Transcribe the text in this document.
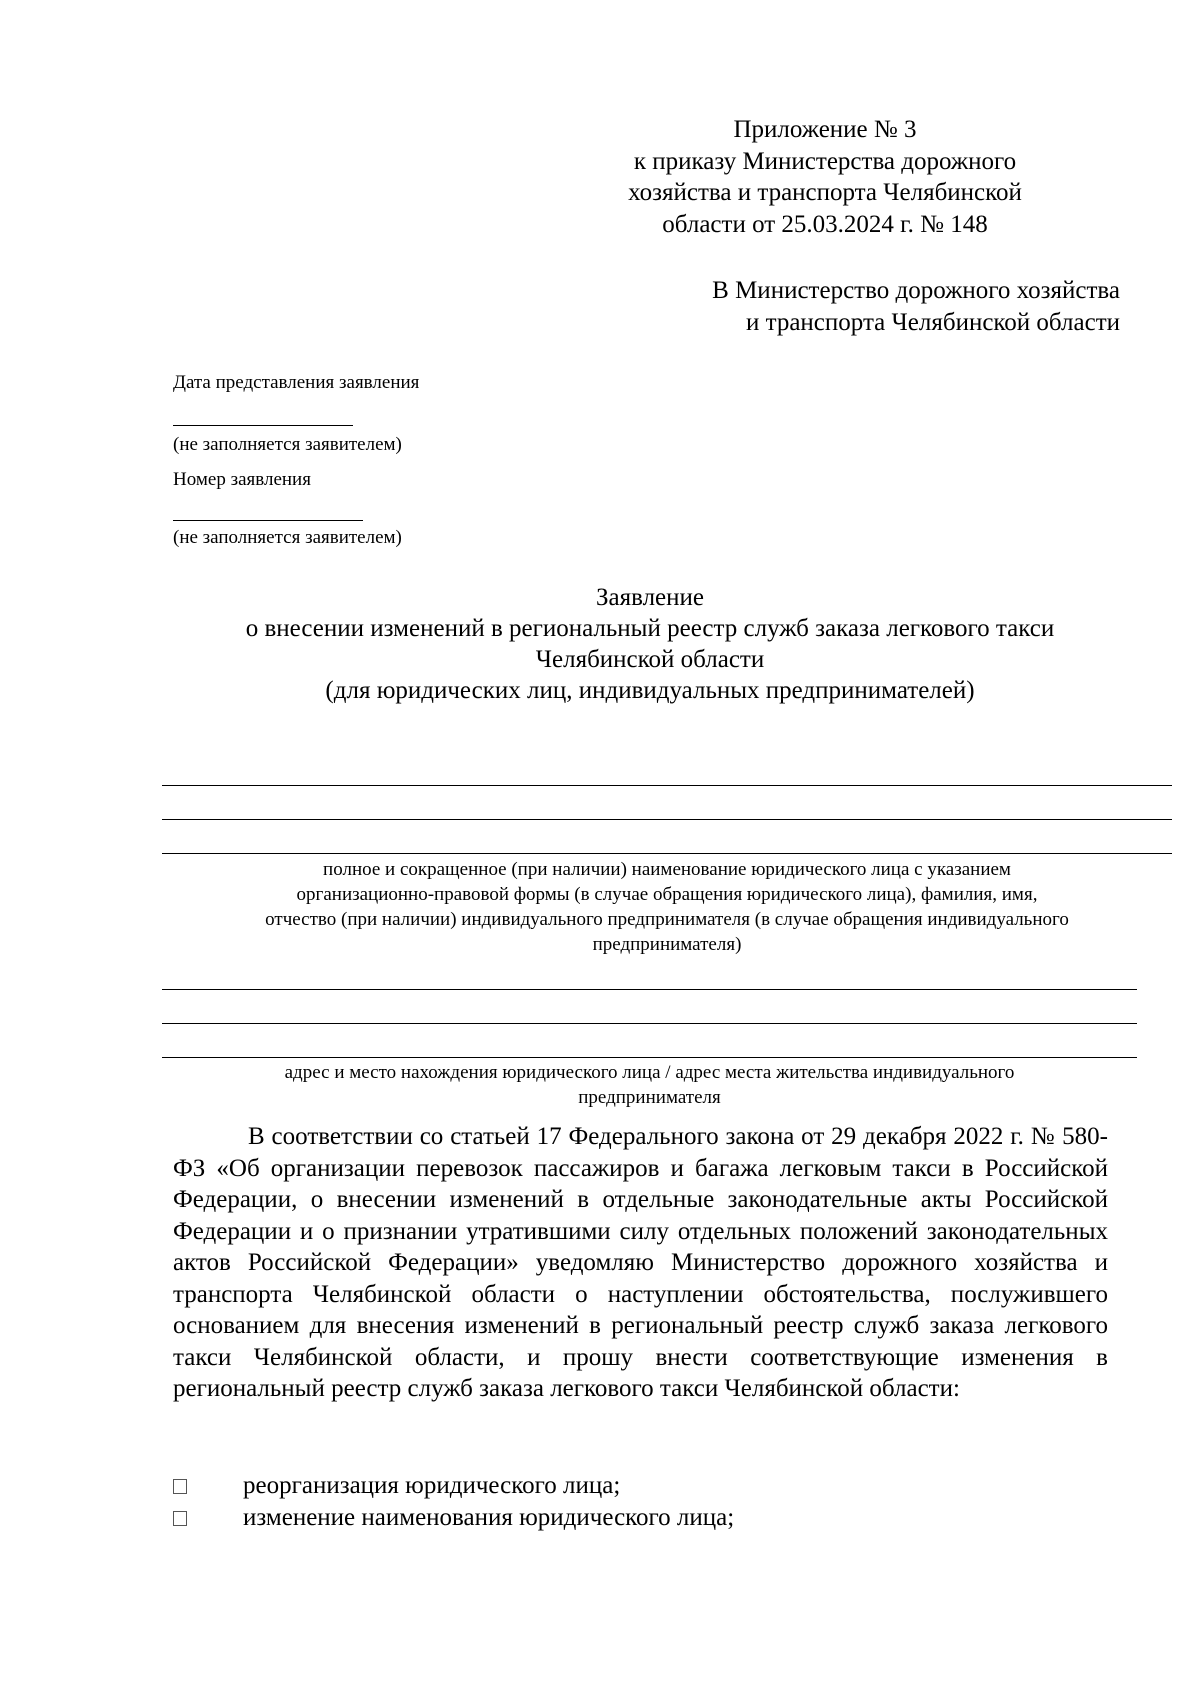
Приложение № 3
к приказу Министерства дорожного
хозяйства и транспорта Челябинской
области от 25.03.2024 г. № 148
В Министерство дорожного хозяйства
и транспорта Челябинской области
Дата представления заявления
(не заполняется заявителем)
Номер заявления
(не заполняется заявителем)
Заявление
о внесении изменений в региональный реестр служб заказа легкового такси
Челябинской области
(для юридических лиц, индивидуальных предпринимателей)
полное и сокращенное (при наличии) наименование юридического лица с указанием
организационно-правовой формы (в случае обращения юридического лица), фамилия, имя,
отчество (при наличии) индивидуального предпринимателя (в случае обращения индивидуального
предпринимателя)
адрес и место нахождения юридического лица / адрес места жительства индивидуального
предпринимателя

В соответствии со статьей 17 Федерального закона от 29 декабря 2022 г. № 580-ФЗ «Об организации перевозок пассажиров и багажа легковым такси в Российской Федерации, о внесении изменений в отдельные законодательные акты Российской Федерации и о признании утратившими силу отдельных положений законодательных актов Российской Федерации» уведомляю Министерство дорожного хозяйства и транспорта Челябинской области о наступлении обстоятельства, послужившего основанием для внесения изменений в региональный реестр служб заказа легкового такси Челябинской области, и прошу внести соответствующие изменения в региональный реестр служб заказа легкового такси Челябинской области:

реорганизация юридического лица;
изменение наименования юридического лица;
